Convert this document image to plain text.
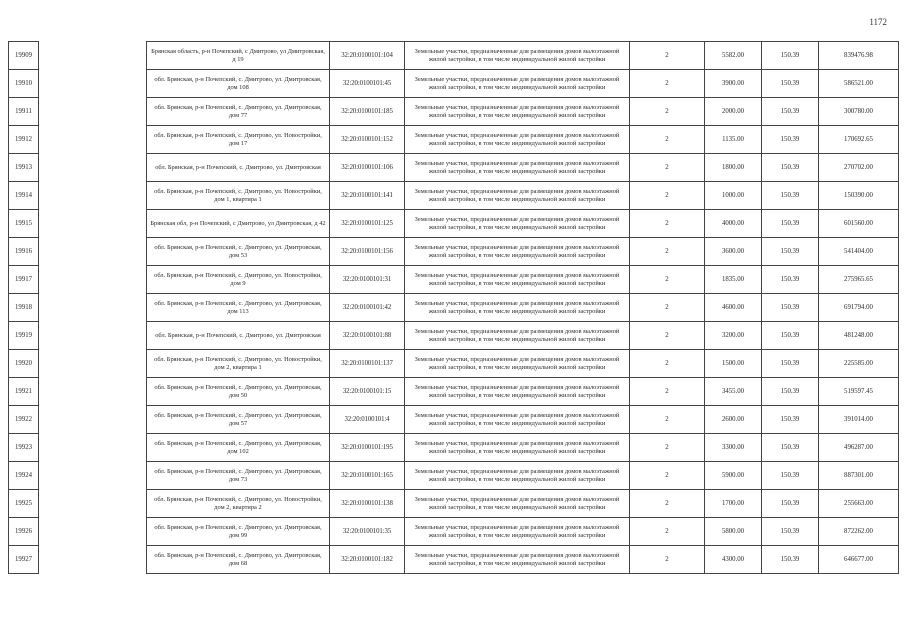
1172
19909		Брянская область, р-н Почепский, с Дмитрово, ул Дмитровская, д 19	32:20:0100101:104	Земельные участки, предназначенные для размещения домов малоэтажной жилой застройки, в том числе индивидуальной жилой застройки	2	5582.00	150.39	839476.98
19910		обл. Брянская, р-н Почепский, с. Дмитрово, ул. Дмитровская, дом 108	32:20:0100101:45	Земельные участки, предназначенные для размещения домов малоэтажной жилой застройки, в том числе индивидуальной жилой застройки	2	3900.00	150.39	586521.00
19911		обл. Брянская, р-н Почепский, с. Дмитрово, ул. Дмитровская, дом 77	32:20:0100101:185	Земельные участки, предназначенные для размещения домов малоэтажной жилой застройки, в том числе индивидуальной жилой застройки	2	2000.00	150.39	300780.00
19912		обл. Брянская, р-н Почепский, с. Дмитрово, ул. Новостройки, дом 17	32:20:0100101:152	Земельные участки, предназначенные для размещения домов малоэтажной жилой застройки, в том числе индивидуальной жилой застройки	2	1135.00	150.39	170692.65
19913		обл. Брянская, р-н Почепский, с. Дмитрово, ул. Дмитровская	32:20:0100101:106	Земельные участки, предназначенные для размещения домов малоэтажной жилой застройки, в том числе индивидуальной жилой застройки	2	1800.00	150.39	270702.00
19914		обл. Брянская, р-н Почепский, с. Дмитрово, ул. Новостройки, дом 1, квартира 1	32:20:0100101:141	Земельные участки, предназначенные для размещения домов малоэтажной жилой застройки, в том числе индивидуальной жилой застройки	2	1000.00	150.39	150390.00
19915		Брянская обл, р-н Почепский, с Дмитрово, ул Дмитровская, д 42	32:20:0100101:125	Земельные участки, предназначенные для размещения домов малоэтажной жилой застройки, в том числе индивидуальной жилой застройки	2	4000.00	150.39	601560.00
19916		обл. Брянская, р-н Почепский, с. Дмитрово, ул. Дмитровская, дом 53	32:20:0100101:156	Земельные участки, предназначенные для размещения домов малоэтажной жилой застройки, в том числе индивидуальной жилой застройки	2	3600.00	150.39	541404.00
19917		обл. Брянская, р-н Почепский, с. Дмитрово, ул. Новостройки, дом 9	32:20:0100101:31	Земельные участки, предназначенные для размещения домов малоэтажной жилой застройки, в том числе индивидуальной жилой застройки	2	1835.00	150.39	275965.65
19918		обл. Брянская, р-н Почепский, с. Дмитрово, ул. Дмитровская, дом 113	32:20:0100101:42	Земельные участки, предназначенные для размещения домов малоэтажной жилой застройки, в том числе индивидуальной жилой застройки	2	4600.00	150.39	691794.00
19919		обл. Брянская, р-н Почепский, с. Дмитрово, ул. Дмитровская	32:20:0100101:88	Земельные участки, предназначенные для размещения домов малоэтажной жилой застройки, в том числе индивидуальной жилой застройки	2	3200.00	150.39	481248.00
19920		обл. Брянская, р-н Почепский, с. Дмитрово, ул. Новостройки, дом 2, квартира 1	32:20:0100101:137	Земельные участки, предназначенные для размещения домов малоэтажной жилой застройки, в том числе индивидуальной жилой застройки	2	1500.00	150.39	225585.00
19921		обл. Брянская, р-н Почепский, с. Дмитрово, ул. Дмитровская, дом 50	32:20:0100101:15	Земельные участки, предназначенные для размещения домов малоэтажной жилой застройки, в том числе индивидуальной жилой застройки	2	3455.00	150.39	519597.45
19922		обл. Брянская, р-н Почепский, с. Дмитрово, ул. Дмитровская, дом 57	32:20:0100101:4	Земельные участки, предназначенные для размещения домов малоэтажной жилой застройки, в том числе индивидуальной жилой застройки	2	2600.00	150.39	391014.00
19923		обл. Брянская, р-н Почепский, с. Дмитрово, ул. Дмитровская, дом 102	32:20:0100101:195	Земельные участки, предназначенные для размещения домов малоэтажной жилой застройки, в том числе индивидуальной жилой застройки	2	3300.00	150.39	496287.00
19924		обл. Брянская, р-н Почепский, с. Дмитрово, ул. Дмитровская, дом 73	32:20:0100101:165	Земельные участки, предназначенные для размещения домов малоэтажной жилой застройки, в том числе индивидуальной жилой застройки	2	5900.00	150.39	887301.00
19925		обл. Брянская, р-н Почепский, с. Дмитрово, ул. Новостройки, дом 2, квартира 2	32:20:0100101:138	Земельные участки, предназначенные для размещения домов малоэтажной жилой застройки, в том числе индивидуальной жилой застройки	2	1700.00	150.39	255663.00
19926		обл. Брянская, р-н Почепский, с. Дмитрово, ул. Дмитровская, дом 99	32:20:0100101:35	Земельные участки, предназначенные для размещения домов малоэтажной жилой застройки, в том числе индивидуальной жилой застройки	2	5800.00	150.39	872262.00
19927		обл. Брянская, р-н Почепский, с. Дмитрово, ул. Дмитровская, дом 68	32:20:0100101:182	Земельные участки, предназначенные для размещения домов малоэтажной жилой застройки, в том числе индивидуальной жилой застройки	2	4300.00	150.39	646677.00
